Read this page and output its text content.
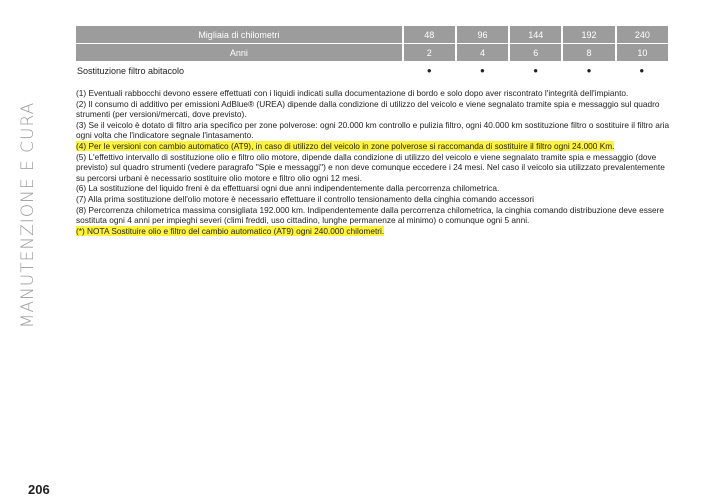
MANUTENZIONE E CURA
206
Migliaia di chilometri	48	96	144	192	240
Anni	2	4	6	8	10
Sostituzione filtro abitacolo	●	●	●	●	●

(1) Eventuali rabbocchi devono essere effettuati con i liquidi indicati sulla documentazione di bordo e solo dopo aver riscontrato l'integrità dell'impianto.

(2) Il consumo di additivo per emissioni AdBlue® (UREA) dipende dalla condizione di utilizzo del veicolo e viene segnalato tramite spia e messaggio sul quadro strumenti (per versioni/mercati, dove previsto).

(3) Se il veicolo è dotato di filtro aria specifico per zone polverose: ogni 20.000 km controllo e pulizia filtro, ogni 40.000 km sostituzione filtro o sostituire il filtro aria ogni volta che l'indicatore segnale l'intasamento.

(4) Per le versioni con cambio automatico (AT9), in caso di utilizzo del veicolo in zone polverose si raccomanda di sostituire il filtro ogni 24.000 Km.

(5) L'effettivo intervallo di sostituzione olio e filtro olio motore, dipende dalla condizione di utilizzo del veicolo e viene segnalato tramite spia e messaggio (dove previsto) sul quadro strumenti (vedere paragrafo "Spie e messaggi") e non deve comunque eccedere i 24 mesi. Nel caso il veicolo sia utilizzato prevalentemente su percorsi urbani è necessario sostituire olio motore e filtro olio ogni 12 mesi.

(6) La sostituzione del liquido freni è da effettuarsi ogni due anni indipendentemente dalla percorrenza chilometrica.

(7) Alla prima sostituzione dell'olio motore è necessario effettuare il controllo tensionamento della cinghia comando accessori

(8) Percorrenza chilometrica massima consigliata 192.000 km. Indipendentemente dalla percorrenza chilometrica, la cinghia comando distribuzione deve essere sostituta ogni 4 anni per impieghi severi (climi freddi, uso cittadino, lunghe permanenze al minimo) o comunque ogni 5 anni.

(*) NOTA Sostituire olio e filtro del cambio automatico (AT9) ogni 240.000 chilometri.
